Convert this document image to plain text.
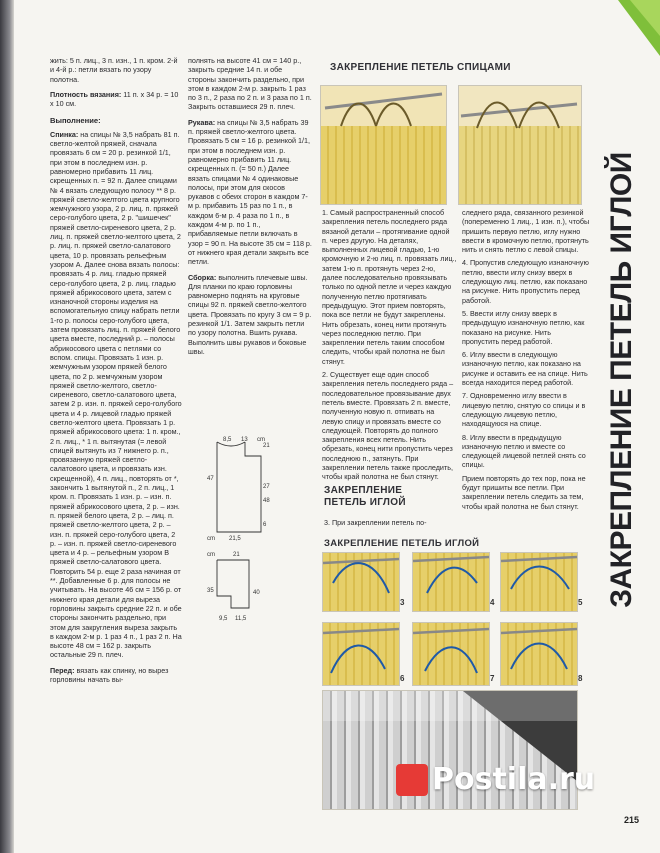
жить: 5 п. лиц., 3 п. изн., 1 п. кром. 2-й и 4-й р.: петли вязать по узору полотна.

Плотность вязания: 11 п. x 34 р. = 10 x 10 см.

Выполнение:

Спинка: на спицы № 3,5 набрать 81 п. светло-желтой пряжей, сначала провязать 6 см = 20 р. резинкой 1/1, при этом в последнем изн. р. равномерно прибавить 11 лиц. скрещенных п. = 92 п. Далее спицами № 4 вязать следующую полосу ** 8 р. пряжей светло-желтого цвета крупного жемчужного узора, 2 р. лиц. п. пряжей серо-голубого цвета, 2 р. "шишечек" пряжей светло-сиреневого цвета, 2 р. лиц. п. пряжей светло-желтого цвета, 2 р. лиц. п. пряжей светло-салатового цвета, 10 р. провязать рельефным узором A. Далее снова вязать полосы: провязать 4 р. лиц. гладью пряжей серо-голубого цвета, 2 р. лиц. гладью пряжей абрикосового цвета, затем с изнаночной стороны изделия на вспомогательную спицу набрать петли 1-го р. полосы серо-голубого цвета, затем провязать лиц. п. пряжей белого цвета вместе, последний р. – полосы абрикосового цвета с петлями со вспом. спицы. Провязать 1 изн. р. жемчужным узором пряжей белого цвета, по 2 р. жемчужным узором пряжей светло-желтого, светло-сиреневого, светло-салатового цвета, затем 2 р. изн. п. пряжей серо-голубого цвета и 4 р. лицевой гладью пряжей светло-желтого цвета. Провязать 1 р. пряжей абрикосового цвета: 1 п. кром., 2 п. лиц., * 1 п. вытянутая (= левой спицей вытянуть из 7 нижнего р. п., провязанную пряжей светло-салатового цвета, и провязать изн. скрещенной), 4 п. лиц., повторять от *, закончить 1 вытянутой п., 2 п. лиц., 1 кром. п. Провязать 1 изн. р. – изн. п. пряжей абрикосового цвета, 2 р. – изн. п. пряжей белого цвета, 2 р. – лиц. п. пряжей светло-желтого цвета, 2 р. – изн. п. пряжей серо-голубого цвета, 2 р. – изн. п. пряжей светло-сиреневого цвета и 4 р. – рельефным узором B пряжей светло-салатового цвета. Повторить 54 р. еще 2 раза начиная от **. Добавленные 6 р. для полосы не учитывать. На высоте 46 см = 156 р. от нижнего края детали для выреза горловины закрыть средние 22 п. и обе стороны закончить раздельно, при этом для закругления выреза закрыть в каждом 2-м р. 1 раз 4 п., 1 раз 2 п. На высоте 48 см = 162 р. закрыть остальные 29 п. плеч.

Перед: вязать как спинку, но вырез горловины начать вы-

полнять на высоте 41 см = 140 р., закрыть средние 14 п. и обе стороны закончить раздельно, при этом в каждом 2-м р. закрыть 1 раз по 3 п., 2 раза по 2 п. и 3 раза по 1 п. Закрыть оставшиеся 29 п. плеч.

Рукава: на спицы № 3,5 набрать 39 п. пряжей светло-желтого цвета. Провязать 5 см = 16 р. резинкой 1/1, при этом в последнем изн. р. равномерно прибавить 11 лиц. скрещенных п. (= 50 п.) Далее вязать спицами № 4 одинаковые полосы, при этом для скосов рукавов с обеих сторон в каждом 7-м р. прибавить 15 раз по 1 п., в каждом 6-м р. 4 раза по 1 п., в каждом 4-м р. по 1 п., прибавляемые петли включать в узор = 90 п. На высоте 35 см = 118 р. от нижнего края детали закрыть все петли.

Сборка: выполнить плечевые швы. Для планки по краю горловины равномерно поднять на круговые спицы 92 п. пряжей светло-желтого цвета. Провязать по кругу 3 см = 9 р. резинкой 1/1. Затем закрыть петли по узору полотна. Вшить рукава. Выполнить швы рукавов и боковые швы.

8,5 13 cm
21
27
47
48
cm 21,5
6
cm	21
35	40
9,5 11,5
ЗАКРЕПЛЕНИЕ ПЕТЕЛЬ ИГЛОЙ
ЗАКРЕПЛЕНИЕ ПЕТЕЛЬ СПИЦАМИ

1. Самый распространенный способ закрепления петель последнего ряда вязаной детали – протягивание одной п. через другую. На деталях, выполненных лицевой гладью, 1-ю кромочную и 2-ю лиц. п. провязать лиц., затем 1-ю п. протянуть через 2-ю, далее последовательно провязывать только по одной петле и через каждую полученную петлю протягивать предыдущую. Этот прием повторять, пока все петли не будут закреплены. Нить обрезать, конец нити протянуть через последнюю петлю. При закреплении петель таким способом следить, чтобы край полотна не был стянут.

2. Существует еще один способ закрепления петель последнего ряда – последовательное провязывание двух петель вместе. Провязать 2 п. вместе, полученную новую п. отпивать на левую спицу и провязать вместе со следующей. Повторять до полного закрепления всех петель. Нить обрезать, конец нити пропустить через последнюю п., затянуть. При закреплении петель также проследить, чтобы край полотна не был стянут.

ЗАКРЕПЛЕНИЕ
ПЕТЕЛЬ ИГЛОЙ
3. При закреплении петель по-

следнего ряда, связанного резинкой (попеременно 1 лиц., 1 изн. п.), чтобы пришить первую петлю, иглу нужно ввести в кромочную петлю, протянуть нить и снять петлю с левой спицы.

4. Пропустив следующую изнаночную петлю, ввести иглу снизу вверх в следующую лиц. петлю, как показано на рисунке. Нить пропустить перед работой.

5. Ввести иглу снизу вверх в предыдущую изнаночную петлю, как показано на рисунке. Нить пропустить перед работой.

6. Иглу ввести в следующую изнаночную петлю, как показано на рисунке и оставить ее на спице. Нить всегда находится перед работой.

7. Одновременно иглу ввести в лицевую петлю, снятую со спицы и в следующую лицевую петлю, находящуюся на спице.

8. Иглу ввести в предыдущую изнаночную петлю и вместе со следующей лицевой петлей снять со спицы.

Прием повторять до тех пор, пока не будут пришиты все петли. При закреплении петель следить за тем, чтобы край полотна не был стянут.

ЗАКРЕПЛЕНИЕ ПЕТЕЛЬ ИГЛОЙ
3	4	5
6	7	8
Postila.ru
215
